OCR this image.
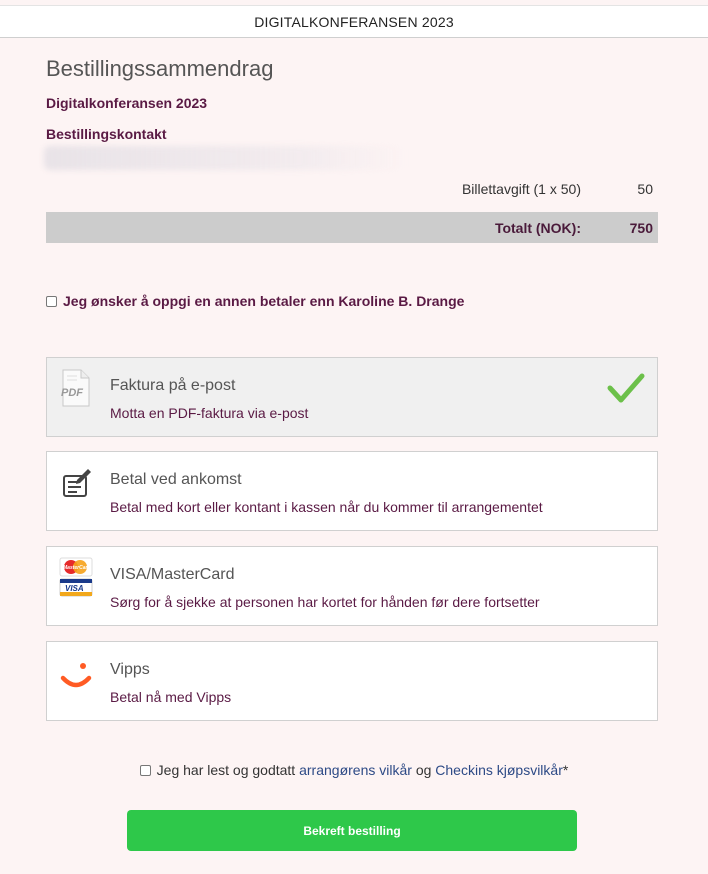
DIGITALKONFERANSEN 2023
Bestillingssammendrag
Digitalkonferansen 2023
Bestillingskontakt
Billettavgift (1 x 50)	50
Totalt (NOK):	750
Jeg ønsker å oppgi en annen betaler enn Karoline B. Drange
PDF Faktura på e-post
Motta en PDF-faktura via e-post
Betal ved ankomst
Betal med kort eller kontant i kassen når du kommer til arrangementet
MasterCard
VISA
VISA/MasterCard
Sørg for å sjekke at personen har kortet for hånden før dere fortsetter
Vipps
Betal nå med Vipps
Jeg har lest og godtatt arrangørens vilkår og Checkins kjøpsvilkår*
Bekreft bestilling
